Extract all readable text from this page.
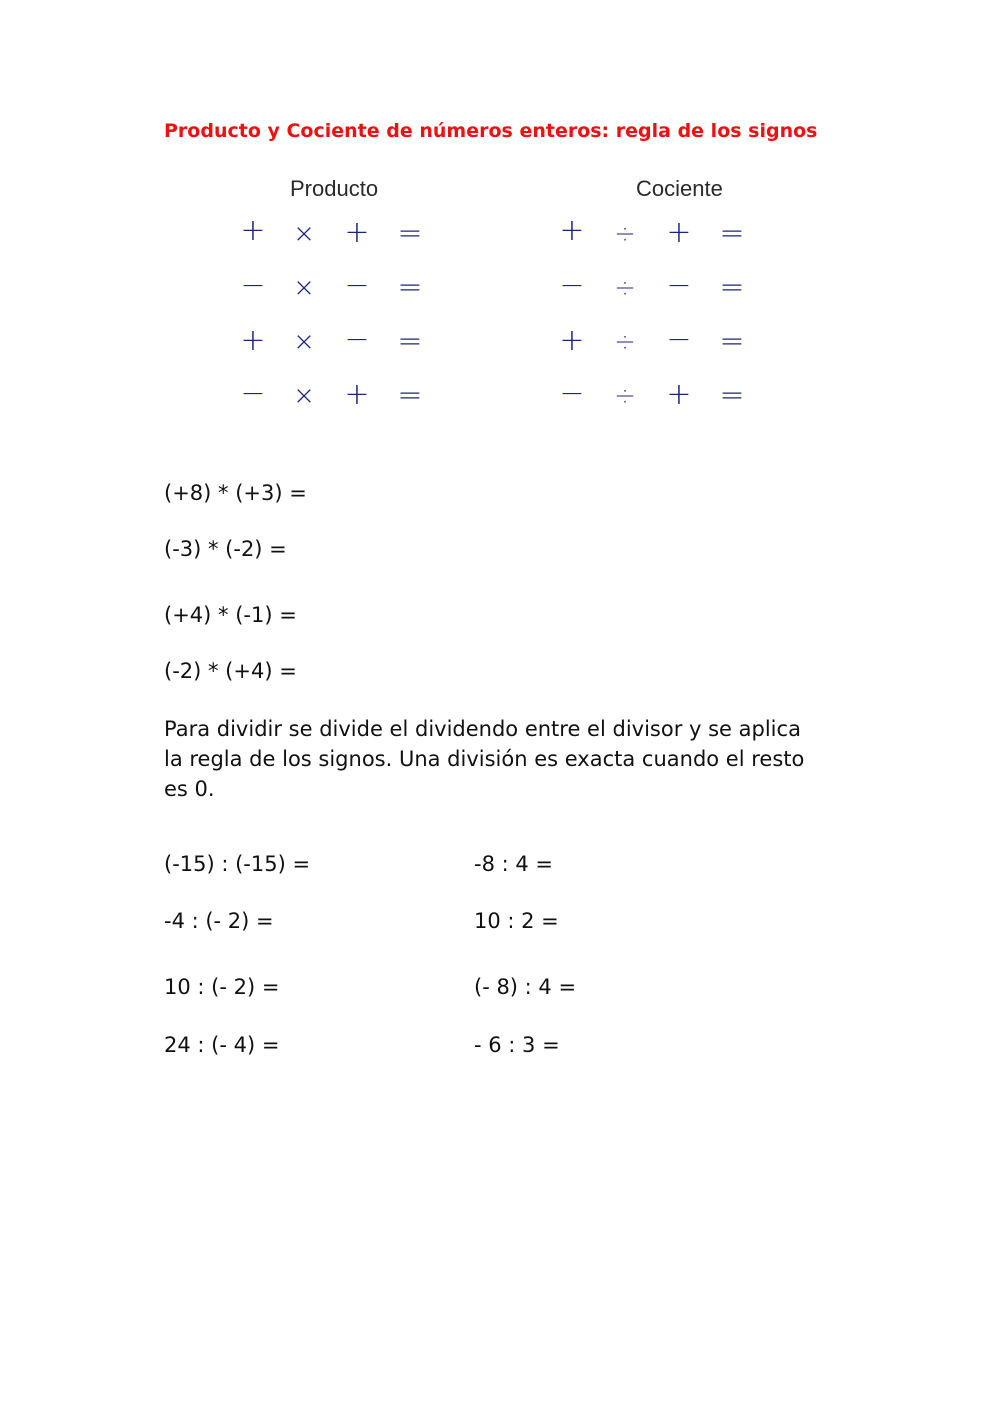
Producto y Cociente de números enteros: regla de los signos
Producto
+	× + =
−	× − =
+	× − =
−	× + =
Cociente
+	÷	+ =
−	÷	− =
+	÷	− =
−	÷	+ =
(+8) * (+3) =
(-3) * (-2) =
(+4) * (-1) =
(-2) * (+4) =
Para dividir se divide el dividendo entre el divisor y se aplica la regla de los signos. Una división es exacta cuando el resto es 0.
(-15) : (-15) =
-4 : (- 2) =
10 : (- 2) =
24 : (- 4) =
-8 : 4 =
10 : 2 =
(- 8) : 4 =
- 6 : 3 =
